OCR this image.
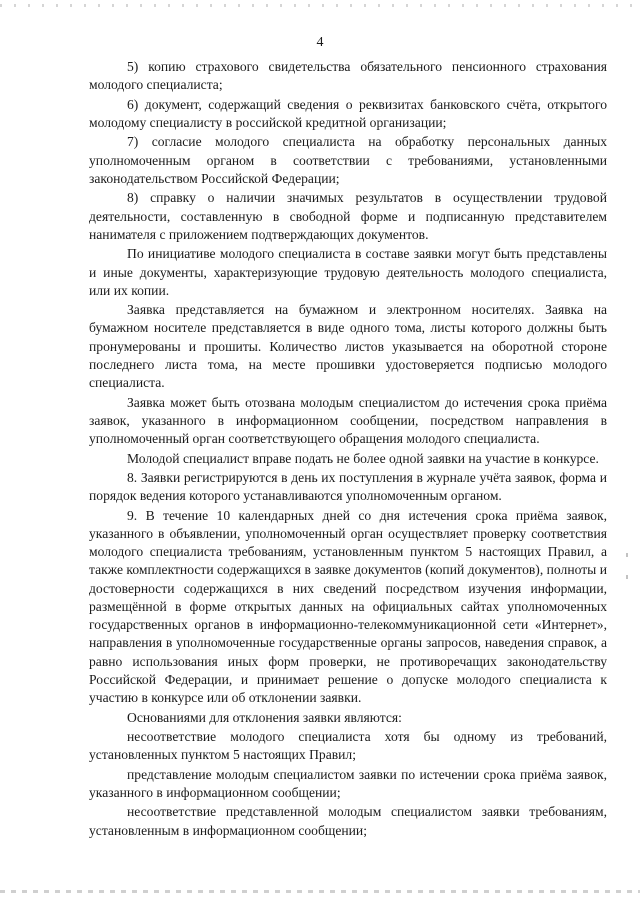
4

5) копию страхового свидетельства обязательного пенсионного страхования молодого специалиста;

6) документ, содержащий сведения о реквизитах банковского счёта, открытого молодому специалисту в российской кредитной организации;

7) согласие молодого специалиста на обработку персональных данных уполномоченным органом в соответствии с требованиями, установленными законодательством Российской Федерации;

8) справку о наличии значимых результатов в осуществлении трудовой деятельности, составленную в свободной форме и подписанную представителем нанимателя с приложением подтверждающих документов.

По инициативе молодого специалиста в составе заявки могут быть представлены и иные документы, характеризующие трудовую деятельность молодого специалиста, или их копии.

Заявка представляется на бумажном и электронном носителях. Заявка на бумажном носителе представляется в виде одного тома, листы которого должны быть пронумерованы и прошиты. Количество листов указывается на оборотной стороне последнего листа тома, на месте прошивки удостоверяется подписью молодого специалиста.

Заявка может быть отозвана молодым специалистом до истечения срока приёма заявок, указанного в информационном сообщении, посредством направления в уполномоченный орган соответствующего обращения молодого специалиста.

Молодой специалист вправе подать не более одной заявки на участие в конкурсе.

8. Заявки регистрируются в день их поступления в журнале учёта заявок, форма и порядок ведения которого устанавливаются уполномоченным органом.

9. В течение 10 календарных дней со дня истечения срока приёма заявок, указанного в объявлении, уполномоченный орган осуществляет проверку соответствия молодого специалиста требованиям, установленным пунктом 5 настоящих Правил, а также комплектности содержащихся в заявке документов (копий документов), полноты и достоверности содержащихся в них сведений посредством изучения информации, размещённой в форме открытых данных на официальных сайтах уполномоченных государственных органов в информационно-телекоммуникационной сети «Интернет», направления в уполномоченные государственные органы запросов, наведения справок, а равно использования иных форм проверки, не противоречащих законодательству Российской Федерации, и принимает решение о допуске молодого специалиста к участию в конкурсе или об отклонении заявки.

Основаниями для отклонения заявки являются:

несоответствие молодого специалиста хотя бы одному из требований, установленных пунктом 5 настоящих Правил;

представление молодым специалистом заявки по истечении срока приёма заявок, указанного в информационном сообщении;

несоответствие представленной молодым специалистом заявки требованиям, установленным в информационном сообщении;
